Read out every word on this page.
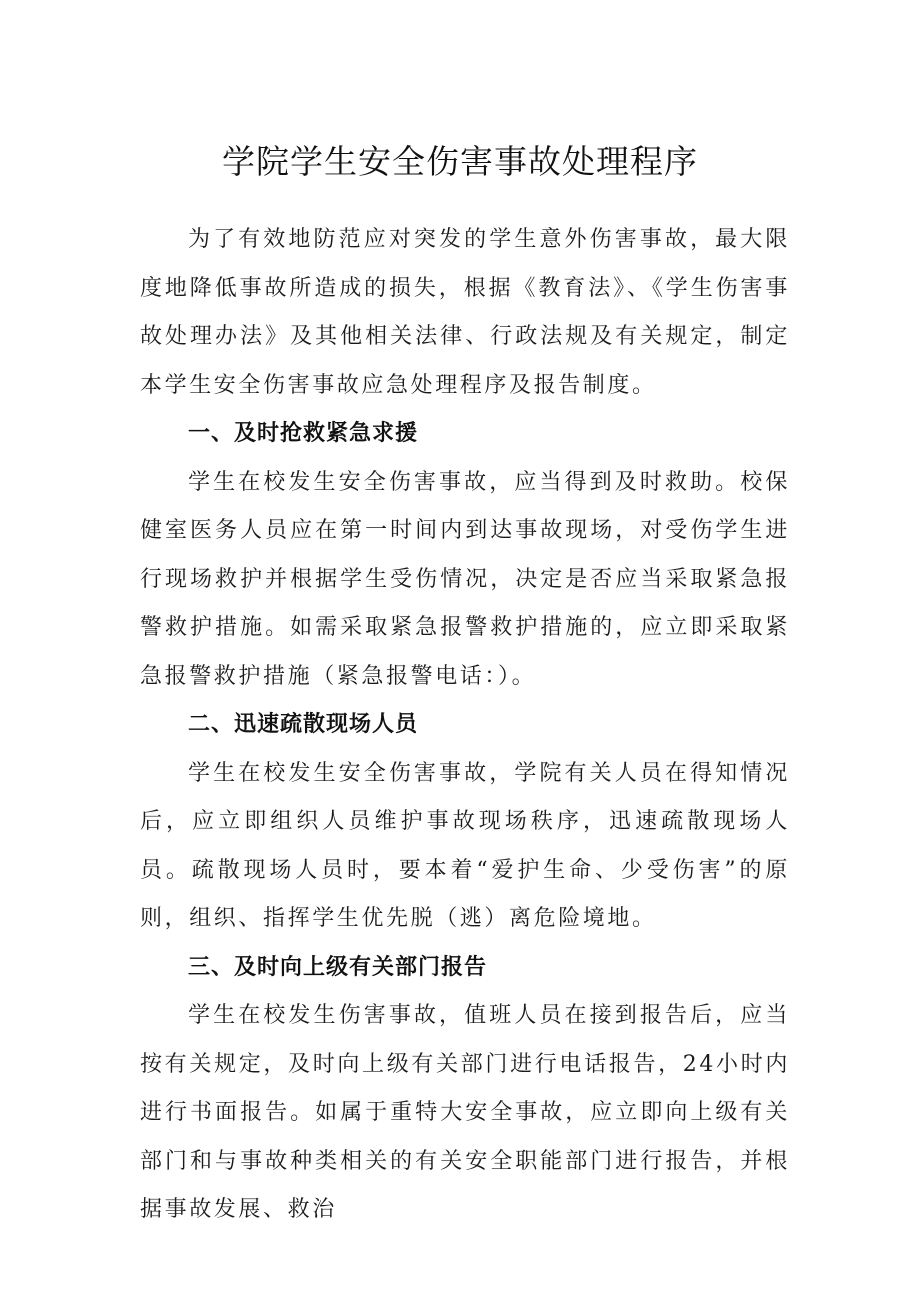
学院学生安全伤害事故处理程序

为了有效地防范应对突发的学生意外伤害事故，最大限度地降低事故所造成的损失，根据《教育法》、《学生伤害事故处理办法》及其他相关法律、行政法规及有关规定，制定本学生安全伤害事故应急处理程序及报告制度。

一、及时抢救紧急求援

学生在校发生安全伤害事故，应当得到及时救助。校保健室医务人员应在第一时间内到达事故现场，对受伤学生进行现场救护并根据学生受伤情况，决定是否应当采取紧急报警救护措施。如需采取紧急报警救护措施的，应立即采取紧急报警救护措施（紧急报警电话：）。

二、迅速疏散现场人员

学生在校发生安全伤害事故，学院有关人员在得知情况后，应立即组织人员维护事故现场秩序，迅速疏散现场人员。疏散现场人员时，要本着“爱护生命、少受伤害”的原则，组织、指挥学生优先脱（逃）离危险境地。

三、及时向上级有关部门报告

学生在校发生伤害事故，值班人员在接到报告后，应当按有关规定，及时向上级有关部门进行电话报告，24小时内进行书面报告。如属于重特大安全事故，应立即向上级有关部门和与事故种类相关的有关安全职能部门进行报告，并根据事故发展、救治
